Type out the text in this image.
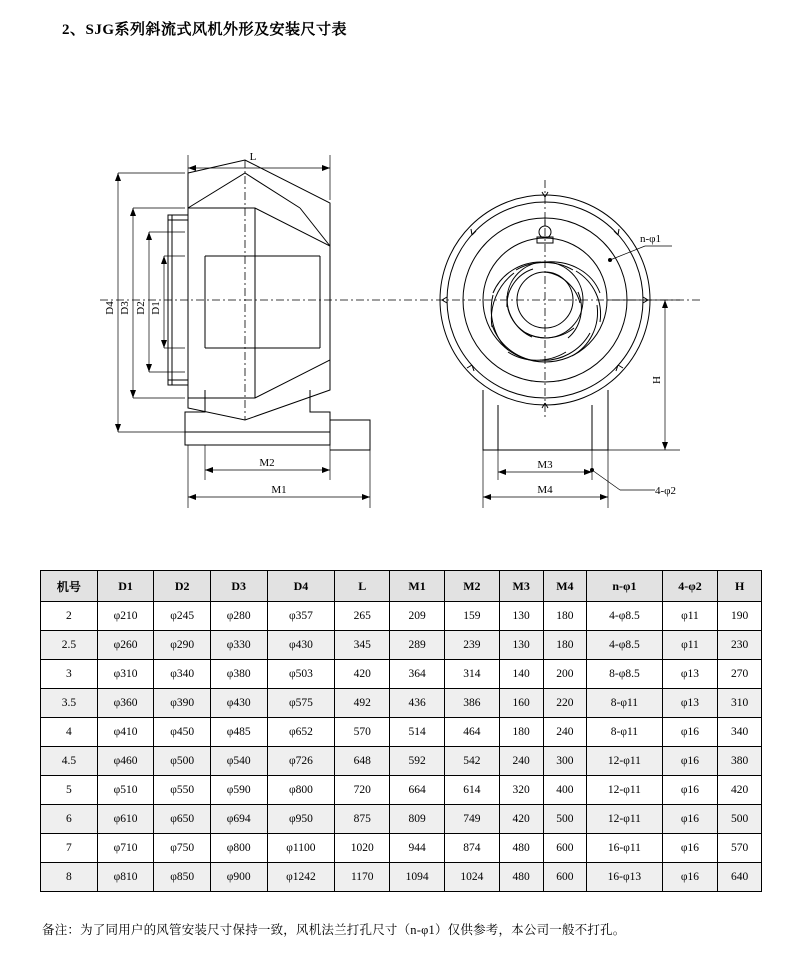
2、SJG系列斜流式风机外形及安装尺寸表
L
D4 D3 D2 D1
M2
M1
n-φ1
H
4-φ2
M3
M4
机号	D1	D2	D3	D4	L	M1	M2	M3	M4	n-φ1	4-φ2	H
2	φ210	φ245	φ280	φ357	265	209	159	130	180	4-φ8.5	φ11	190
2.5	φ260	φ290	φ330	φ430	345	289	239	130	180	4-φ8.5	φ11	230
3	φ310	φ340	φ380	φ503	420	364	314	140	200	8-φ8.5	φ13	270
3.5	φ360	φ390	φ430	φ575	492	436	386	160	220	8-φ11	φ13	310
4	φ410	φ450	φ485	φ652	570	514	464	180	240	8-φ11	φ16	340
4.5	φ460	φ500	φ540	φ726	648	592	542	240	300	12-φ11	φ16	380
5	φ510	φ550	φ590	φ800	720	664	614	320	400	12-φ11	φ16	420
6	φ610	φ650	φ694	φ950	875	809	749	420	500	12-φ11	φ16	500
7	φ710	φ750	φ800	φ1100	1020	944	874	480	600	16-φ11	φ16	570
8	φ810	φ850	φ900	φ1242	1170	1094	1024	480	600	16-φ13	φ16	640
备注：为了同用户的风管安装尺寸保持一致，风机法兰打孔尺寸（n-φ1）仅供参考，本公司一般不打孔。
